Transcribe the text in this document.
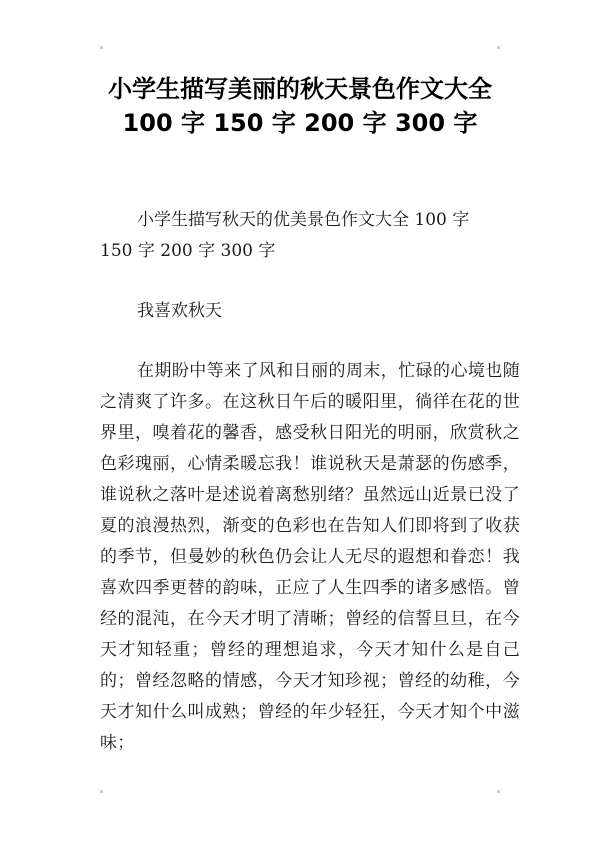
小学生描写美丽的秋天景色作文大全
100 字 150 字 200 字 300 字
小学生描写秋天的优美景色作文大全 100 字
150 字 200 字 300 字
我喜欢秋天
在期盼中等来了风和日丽的周末，忙碌的心境也随之清爽了许多。在这秋日午后的暖阳里，徜徉在花的世界里，嗅着花的馨香，感受秋日阳光的明丽，欣赏秋之色彩瑰丽，心情柔暖忘我！谁说秋天是萧瑟的伤感季，谁说秋之落叶是述说着离愁别绪？虽然远山近景已没了夏的浪漫热烈，渐变的色彩也在告知人们即将到了收获的季节，但曼妙的秋色仍会让人无尽的遐想和眷恋！我喜欢四季更替的韵味，正应了人生四季的诸多感悟。曾经的混沌，在今天才明了清晰；曾经的信誓旦旦，在今天才知轻重；曾经的理想追求，今天才知什么是自己的；曾经忽略的情感，今天才知珍视；曾经的幼稚，今天才知什么叫成熟；曾经的年少轻狂，今天才知个中滋味；
